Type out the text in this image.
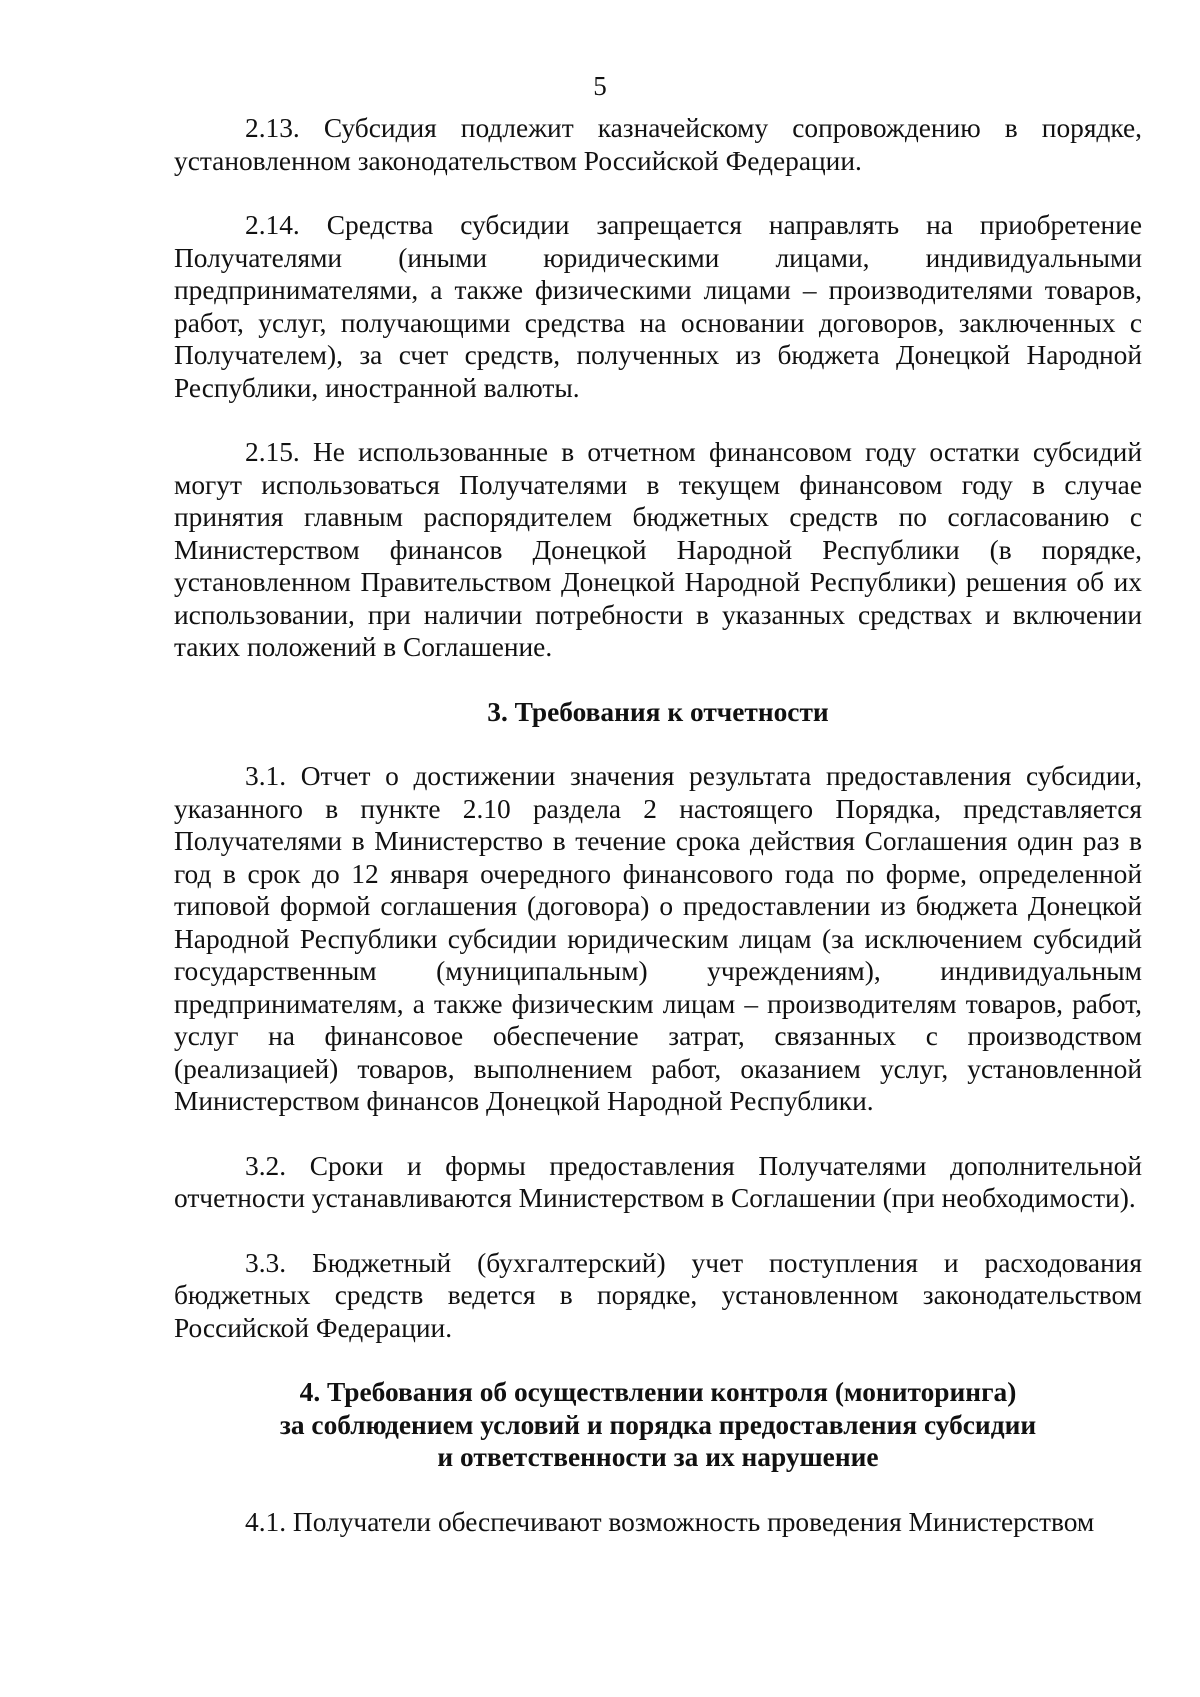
5

2.13. Субсидия подлежит казначейскому сопровождению в порядке, установленном законодательством Российской Федерации.

2.14. Средства субсидии запрещается направлять на приобретение Получателями (иными юридическими лицами, индивидуальными предпринимателями, а также физическими лицами – производителями товаров, работ, услуг, получающими средства на основании договоров, заключенных с Получателем), за счет средств, полученных из бюджета Донецкой Народной Республики, иностранной валюты.

2.15. Не использованные в отчетном финансовом году остатки субсидий могут использоваться Получателями в текущем финансовом году в случае принятия главным распорядителем бюджетных средств по согласованию с Министерством финансов Донецкой Народной Республики (в порядке, установленном Правительством Донецкой Народной Республики) решения об их использовании, при наличии потребности в указанных средствах и включении таких положений в Соглашение.

3. Требования к отчетности

3.1. Отчет о достижении значения результата предоставления субсидии, указанного в пункте 2.10 раздела 2 настоящего Порядка, представляется Получателями в Министерство в течение срока действия Соглашения один раз в год в срок до 12 января очередного финансового года по форме, определенной типовой формой соглашения (договора) о предоставлении из бюджета Донецкой Народной Республики субсидии юридическим лицам (за исключением субсидий государственным (муниципальным) учреждениям), индивидуальным предпринимателям, а также физическим лицам – производителям товаров, работ, услуг на финансовое обеспечение затрат, связанных с производством (реализацией) товаров, выполнением работ, оказанием услуг, установленной Министерством финансов Донецкой Народной Республики.

3.2. Сроки и формы предоставления Получателями дополнительной отчетности устанавливаются Министерством в Соглашении (при необходимости).

3.3. Бюджетный (бухгалтерский) учет поступления и расходования бюджетных средств ведется в порядке, установленном законодательством Российской Федерации.

4. Требования об осуществлении контроля (мониторинга)

за соблюдением условий и порядка предоставления субсидии

и ответственности за их нарушение

4.1. Получатели обеспечивают возможность проведения Министерством
